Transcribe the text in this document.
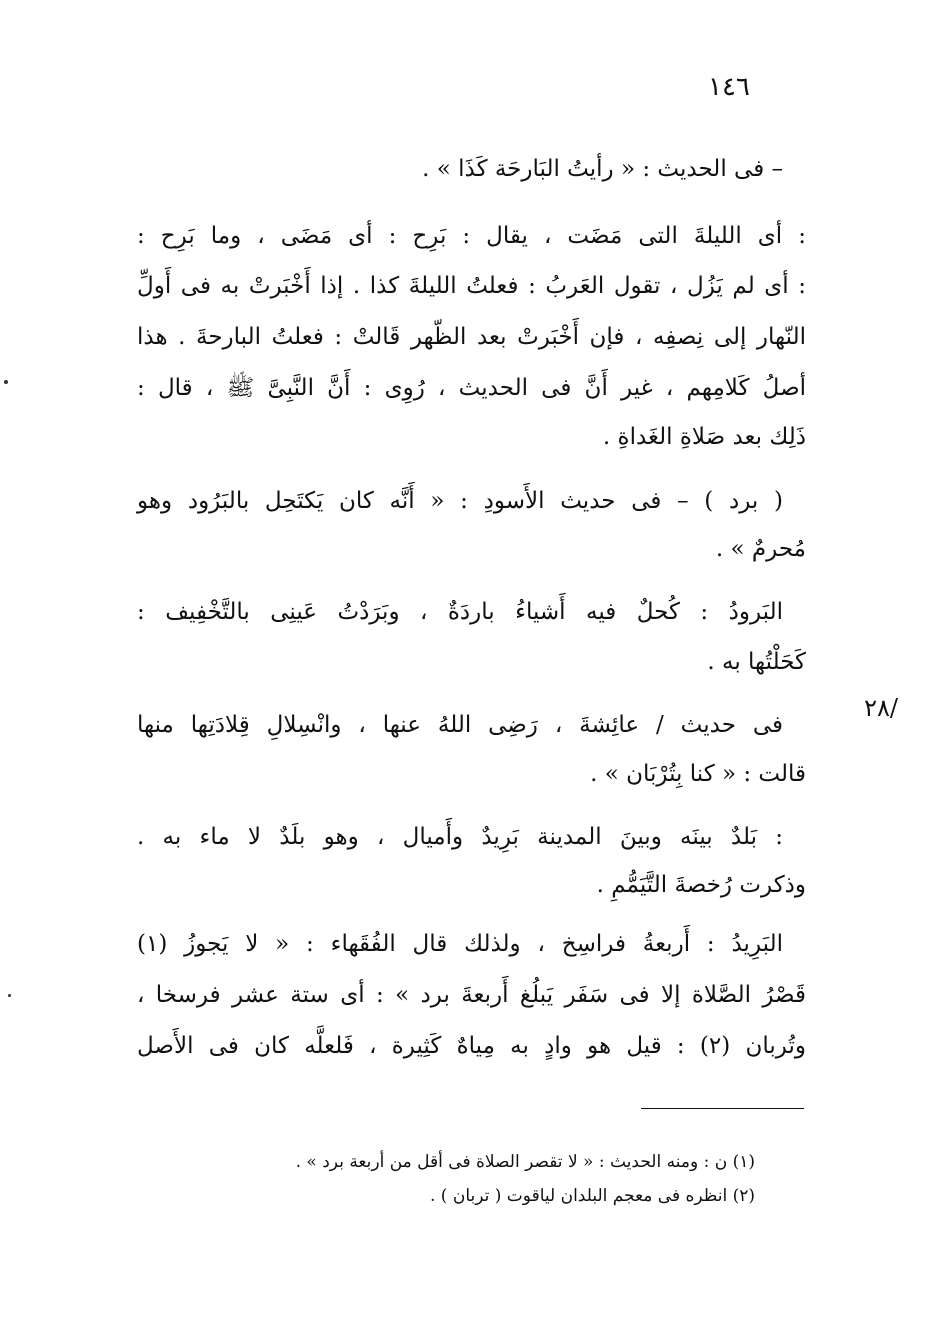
١٤٦
– فى الحديث : « رأيتُ البَارحَة كَذَا » .
: أى الليلةَ التى مَضَت ، يقال : بَرِح : أى مَضَى ، وما بَرِح :
: أى لم يَزُل ، تقول العَربُ : فعلتُ الليلةَ كذا . إذا أَخْبَرتْ به فى أَولِّ
النّهار إلى نِصفِه ، فإن أَخْبَرتْ بعد الظّهر قَالتْ : فعلتُ البارحةَ . هذا
أصلُ كَلامِهم ، غير أَنَّ فى الحديث ، رُوِى : أَنَّ النَّبِىَّ ﷺ ، قال :
ذَلِك بعد صَلاةِ الغَداةِ .
( برد ) – فى حديث الأَسودِ : « أَنَّه كان يَكتَحِل بالبَرُود وهو
مُحرمٌ » .
البَرودُ : كُحلٌ فيه أَشياءُ باردَةٌ ، وبَرَدْتُ عَينِى بالتَّخْفِيف :
كَحَلْتُها به .
فى حديث / عائِشةَ ، رَضِى اللهُ عنها ، وانْسِلالِ قِلادَتِها منها
قالت : « كنا بِتُرْبَان » .
: بَلدٌ بينَه وبينَ المدينة بَرِيدٌ وأَميال ، وهو بلَدٌ لا ماء به .
وذكرت رُخصةَ التَّيَمُّمِ .
البَرِيدُ : أَربعةُ فراسِخ ، ولذلك قال الفُقَهاء : « لا يَجوزُ (١)
قَصْرُ الصَّلاة إلا فى سَفَر يَبلُغ أَربعةَ برد » : أى ستة عشر فرسخا ،
وتُربان (٢) : قيل هو وادٍ به مِياهٌ كَثِيرة ، فَلعلَّه كان فى الأَصل
/٢٨
(١) ن : ومنه الحديث : « لا تقصر الصلاة فى أقل من أربعة برد » .
(٢) انظره فى معجم البلدان لياقوت ( تربان ) .
